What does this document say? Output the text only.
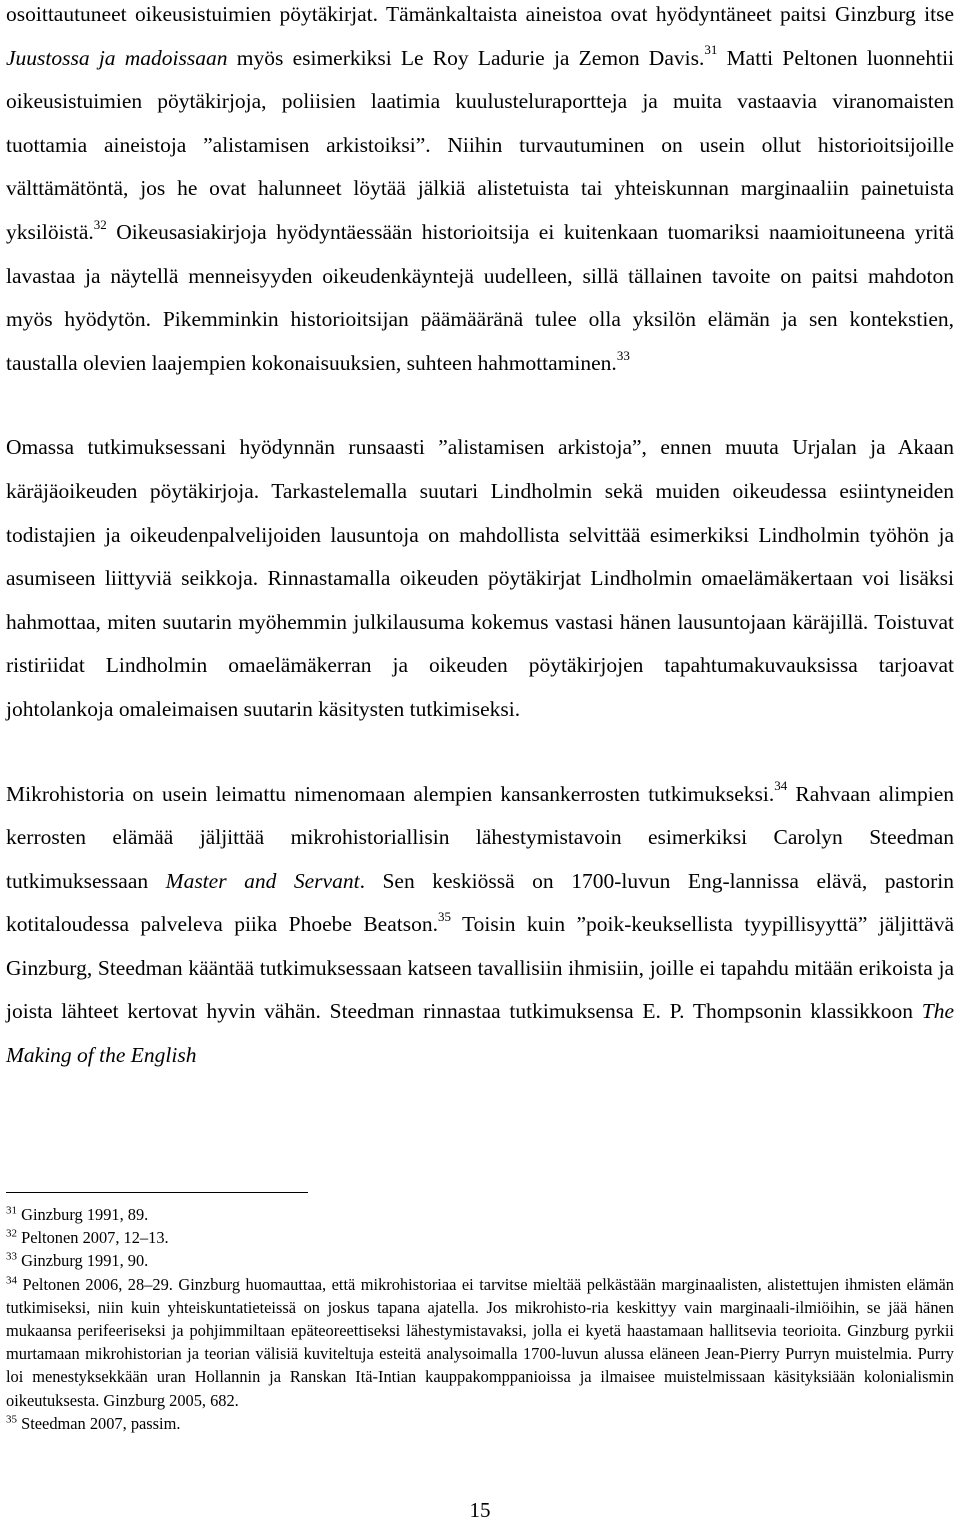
osoittautuneet oikeusistuimien pöytäkirjat. Tämänkaltaista aineistoa ovat hyödyntäneet paitsi Ginzburg itse Juustossa ja madoissaan myös esimerkiksi Le Roy Ladurie ja Zemon Davis.$^{31}$ Matti Peltonen luonnehtii oikeusistuimien pöytäkirjoja, poliisien laatimia kuulusteluraportteja ja muita vastaavia viranomaisten tuottamia aineistoja ”alistamisen arkistoiksi”. Niihin turvautuminen on usein ollut historioitsijoille välttämätöntä, jos he ovat halunneet löytää jälkiä alistetuista tai yhteiskunnan marginaaliin painetuista yksilöistä.$^{32}$ Oikeusasiakirjoja hyödyntäessään historioitsija ei kuitenkaan tuomariksi naamioituneena yritä lavastaa ja näytellä menneisyyden oikeudenkäyntejä uudelleen, sillä tällainen tavoite on paitsi mahdoton myös hyödytön. Pikemminkin historioitsijan päämääränä tulee olla yksilön elämän ja sen kontekstien, taustalla olevien laajempien kokonaisuuksien, suhteen hahmottaminen.$^{33}$

Omassa tutkimuksessani hyödynnän runsaasti ”alistamisen arkistoja”, ennen muuta Urjalan ja Akaan käräjäoikeuden pöytäkirjoja. Tarkastelemalla suutari Lindholmin sekä muiden oikeudessa esiintyneiden todistajien ja oikeudenpalvelijoiden lausuntoja on mahdollista selvittää esimerkiksi Lindholmin työhön ja asumiseen liittyviä seikkoja. Rinnastamalla oikeuden pöytäkirjat Lindholmin omaelämäkertaan voi lisäksi hahmottaa, miten suutarin myöhemmin julkilausuma kokemus vastasi hänen lausuntojaan käräjillä. Toistuvat ristiriidat Lindholmin omaelämäkerran ja oikeuden pöytäkirjojen tapahtumakuvauksissa tarjoavat johtolankoja omaleimaisen suutarin käsitysten tutkimiseksi.

Mikrohistoria on usein leimattu nimenomaan alempien kansankerrosten tutkimukseksi.$^{34}$ Rahvaan alimpien kerrosten elämää jäljittää mikrohistoriallisin lähestymistavoin esimerkiksi Carolyn Steedman tutkimuksessaan Master and Servant. Sen keskiössä on 1700-luvun Eng-lannissa elävä, pastorin kotitaloudessa palveleva piika Phoebe Beatson.$^{35}$ Toisin kuin ”poik-keuksellista tyypillisyyttä” jäljittävä Ginzburg, Steedman kääntää tutkimuksessaan katseen tavallisiin ihmisiin, joille ei tapahdu mitään erikoista ja joista lähteet kertovat hyvin vähän. Steedman rinnastaa tutkimuksensa E. P. Thompsonin klassikkoon The Making of the English

$^{31}$ Ginzburg 1991, 89.

$^{32}$ Peltonen 2007, 12–13.

$^{33}$ Ginzburg 1991, 90.

$^{34}$ Peltonen 2006, 28–29. Ginzburg huomauttaa, että mikrohistoriaa ei tarvitse mieltää pelkästään marginaalisten, alistettujen ihmisten elämän tutkimiseksi, niin kuin yhteiskuntatieteissä on joskus tapana ajatella. Jos mikrohisto-ria keskittyy vain marginaali-ilmiöihin, se jää hänen mukaansa perifeeriseksi ja pohjimmiltaan epäteoreettiseksi lähestymistavaksi, jolla ei kyetä haastamaan hallitsevia teorioita. Ginzburg pyrkii murtamaan mikrohistorian ja teorian välisiä kuviteltuja esteitä analysoimalla 1700-luvun alussa eläneen Jean-Pierry Purryn muistelmia. Purry loi menestyksekkään uran Hollannin ja Ranskan Itä-Intian kauppakomppanioissa ja ilmaisee muistelmissaan käsityksiään kolonialismin oikeutuksesta. Ginzburg 2005, 682.

$^{35}$ Steedman 2007, passim.

15
